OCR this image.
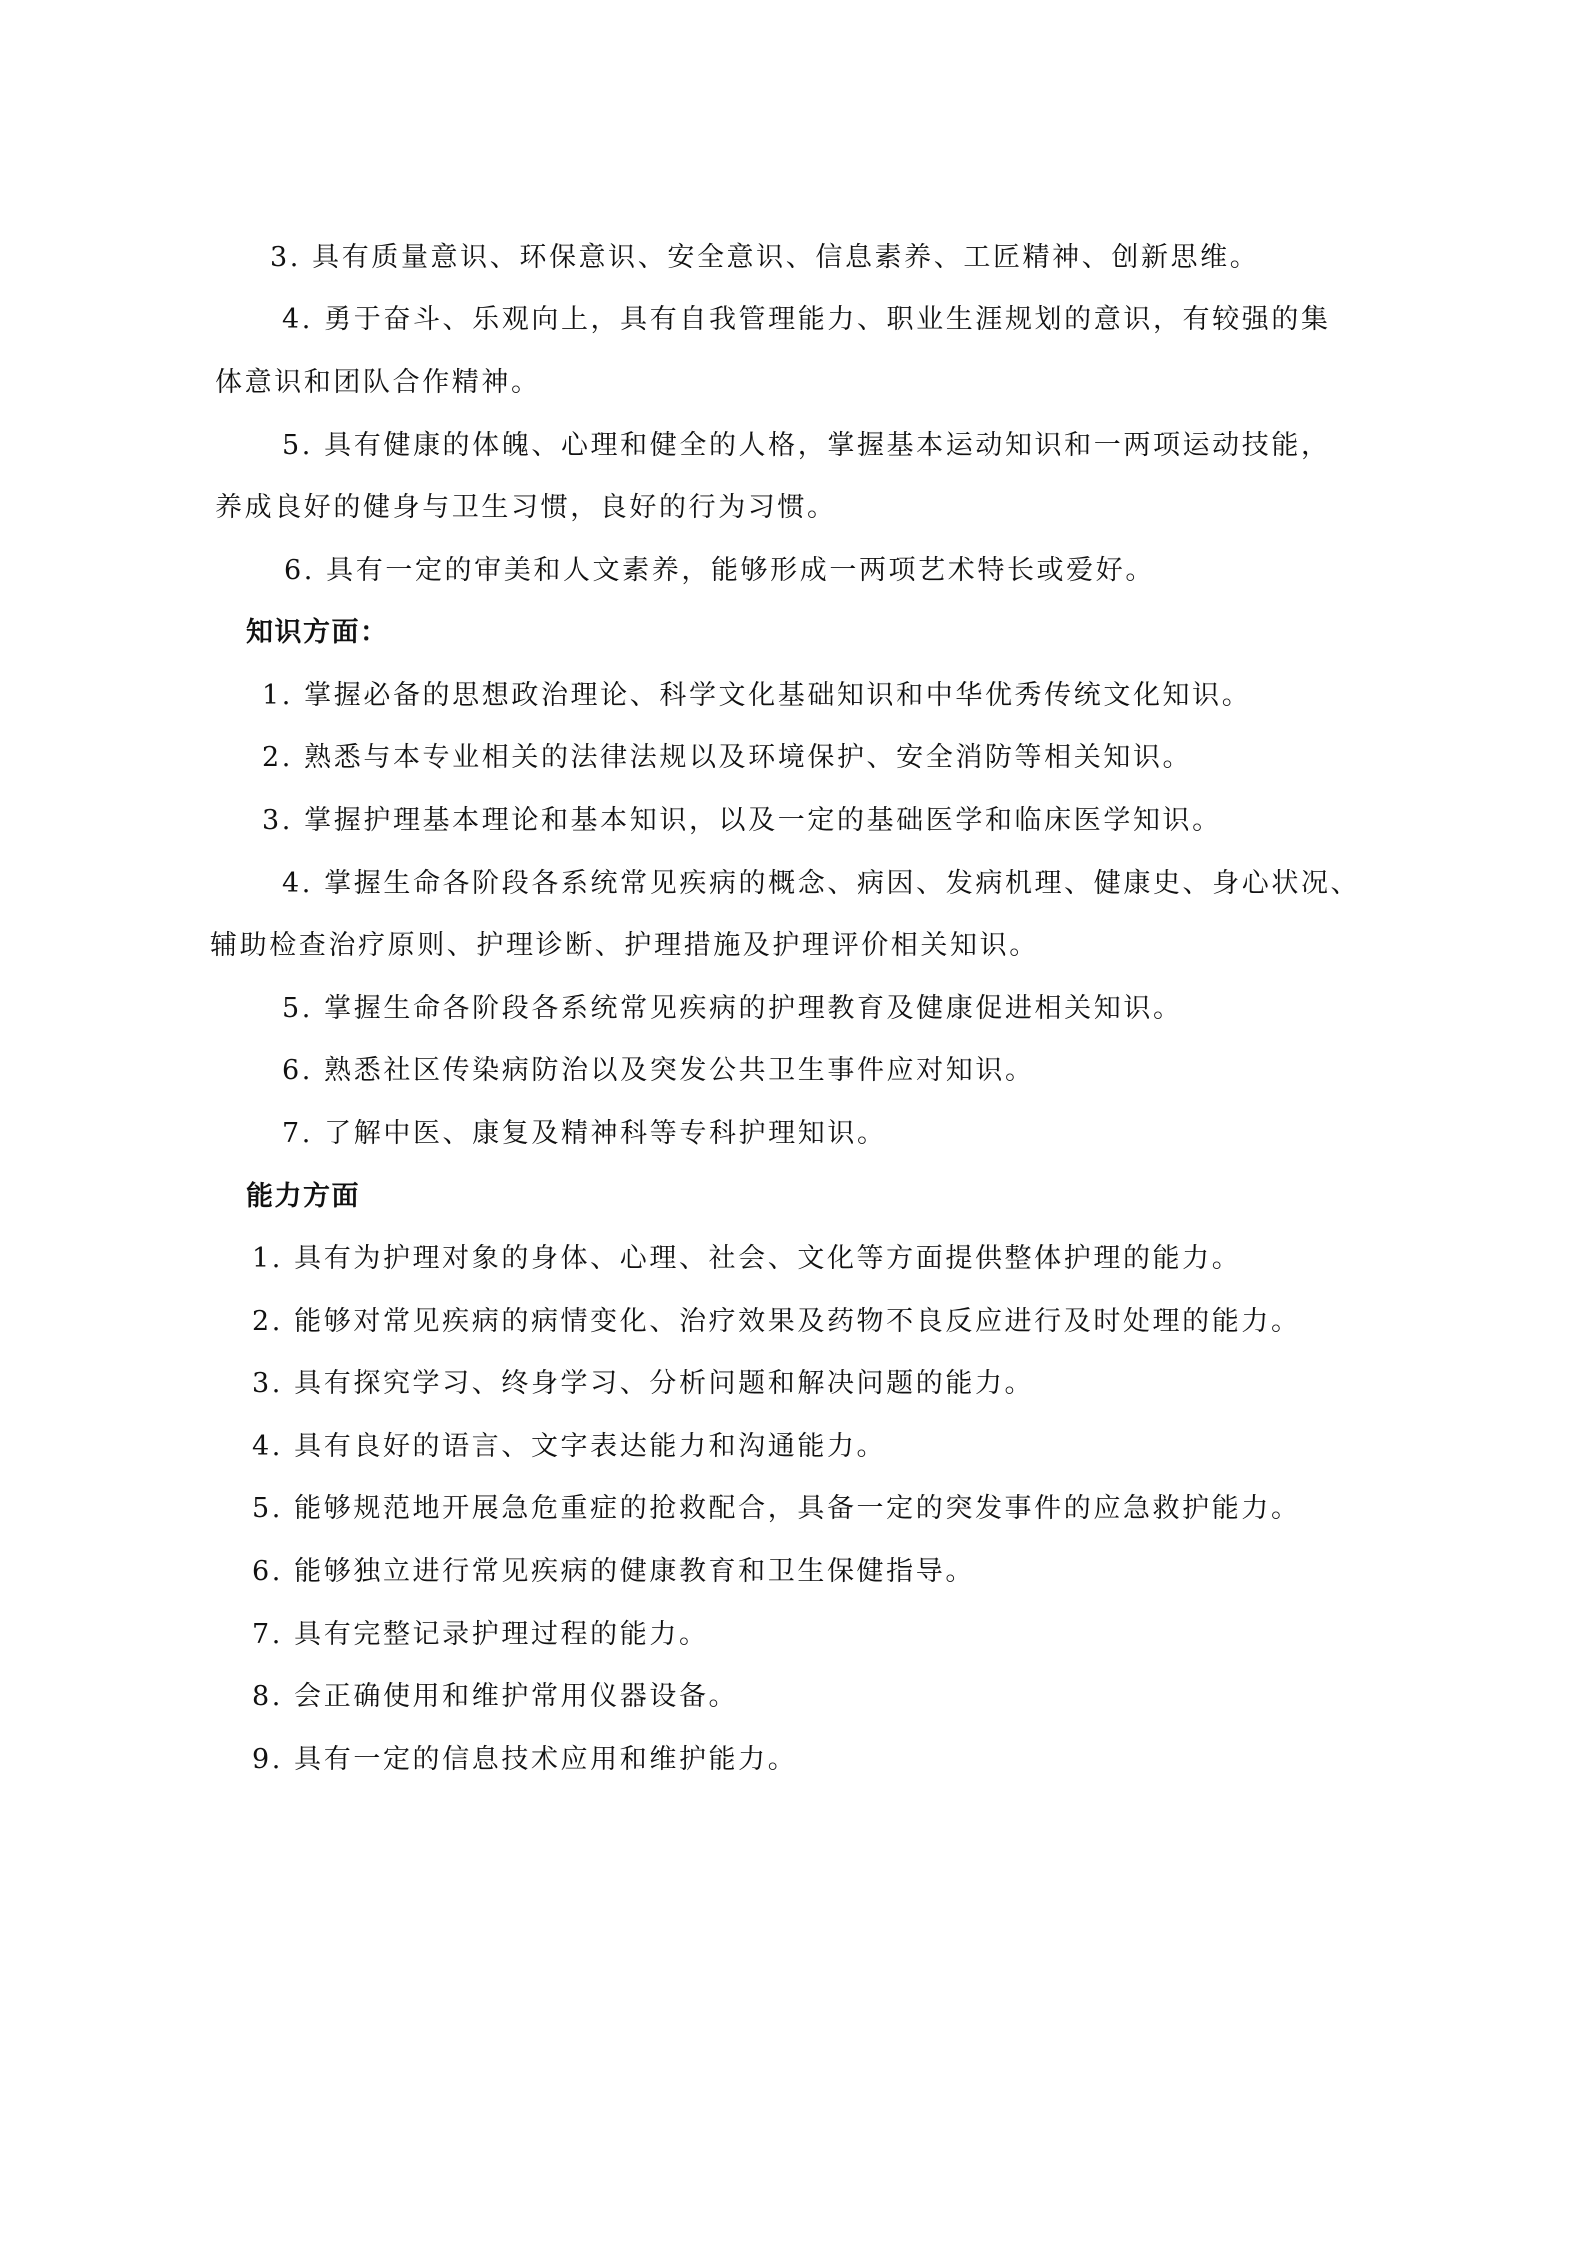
3. 具有质量意识、环保意识、安全意识、信息素养、工匠精神、创新思维。
4. 勇于奋斗、乐观向上，具有自我管理能力、职业生涯规划的意识，有较强的集
体意识和团队合作精神。
5. 具有健康的体魄、心理和健全的人格，掌握基本运动知识和一两项运动技能，
养成良好的健身与卫生习惯，良好的行为习惯。
6. 具有一定的审美和人文素养，能够形成一两项艺术特长或爱好。
知识方面：
1. 掌握必备的思想政治理论、科学文化基础知识和中华优秀传统文化知识。
2. 熟悉与本专业相关的法律法规以及环境保护、安全消防等相关知识。
3. 掌握护理基本理论和基本知识，以及一定的基础医学和临床医学知识。
4. 掌握生命各阶段各系统常见疾病的概念、病因、发病机理、健康史、身心状况、
辅助检查治疗原则、护理诊断、护理措施及护理评价相关知识。
5. 掌握生命各阶段各系统常见疾病的护理教育及健康促进相关知识。
6. 熟悉社区传染病防治以及突发公共卫生事件应对知识。
7. 了解中医、康复及精神科等专科护理知识。
能力方面
1. 具有为护理对象的身体、心理、社会、文化等方面提供整体护理的能力。
2. 能够对常见疾病的病情变化、治疗效果及药物不良反应进行及时处理的能力。
3. 具有探究学习、终身学习、分析问题和解决问题的能力。
4. 具有良好的语言、文字表达能力和沟通能力。
5. 能够规范地开展急危重症的抢救配合，具备一定的突发事件的应急救护能力。
6. 能够独立进行常见疾病的健康教育和卫生保健指导。
7. 具有完整记录护理过程的能力。
8. 会正确使用和维护常用仪器设备。
9. 具有一定的信息技术应用和维护能力。
